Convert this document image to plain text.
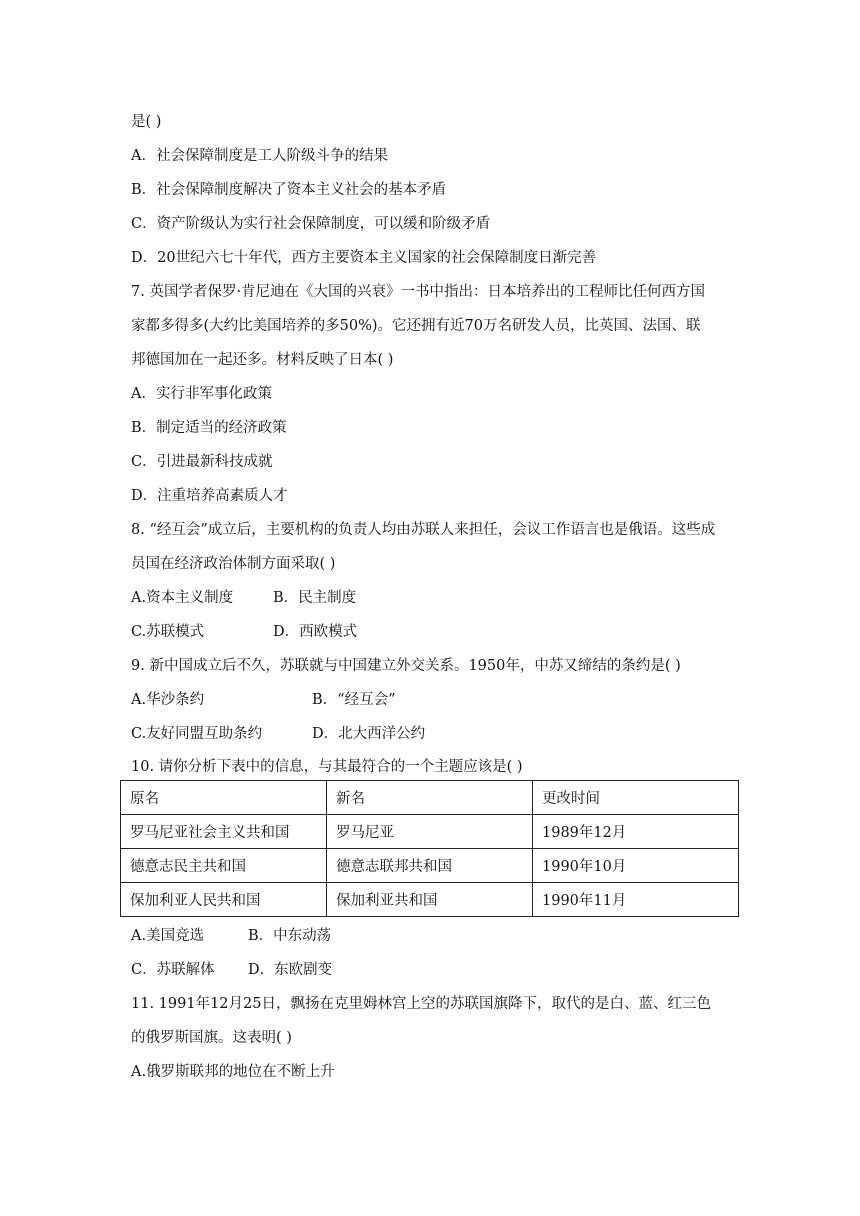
是( )
A．社会保障制度是工人阶级斗争的结果
B．社会保障制度解决了资本主义社会的基本矛盾
C．资产阶级认为实行社会保障制度，可以缓和阶级矛盾
D．20世纪六七十年代，西方主要资本主义国家的社会保障制度日渐完善
7. 英国学者保罗·肯尼迪在《大国的兴衰》一书中指出：日本培养出的工程师比任何西方国
家都多得多(大约比美国培养的多50%)。它还拥有近70万名研发人员，比英国、法国、联
邦德国加在一起还多。材料反映了日本( )
A．实行非军事化政策
B．制定适当的经济政策
C．引进最新科技成就
D．注重培养高素质人才
8. “经互会”成立后，主要机构的负责人均由苏联人来担任，会议工作语言也是俄语。这些成
员国在经济政治体制方面采取( )
A.资本主义制度	B．民主制度
C.苏联模式	D．西欧模式
9. 新中国成立后不久，苏联就与中国建立外交关系。1950年，中苏又缔结的条约是( )
A.华沙条约	B．“经互会”
C.友好同盟互助条约	D．北大西洋公约
10. 请你分析下表中的信息，与其最符合的一个主题应该是( )
原名	新名	更改时间
罗马尼亚社会主义共和国	罗马尼亚	1989年12月
德意志民主共和国	德意志联邦共和国	1990年10月
保加利亚人民共和国	保加利亚共和国	1990年11月
A.美国竞选	B．中东动荡
C．苏联解体 D．东欧剧变
11. 1991年12月25日，飘扬在克里姆林宫上空的苏联国旗降下，取代的是白、蓝、红三色
的俄罗斯国旗。这表明( )
A.俄罗斯联邦的地位在不断上升
